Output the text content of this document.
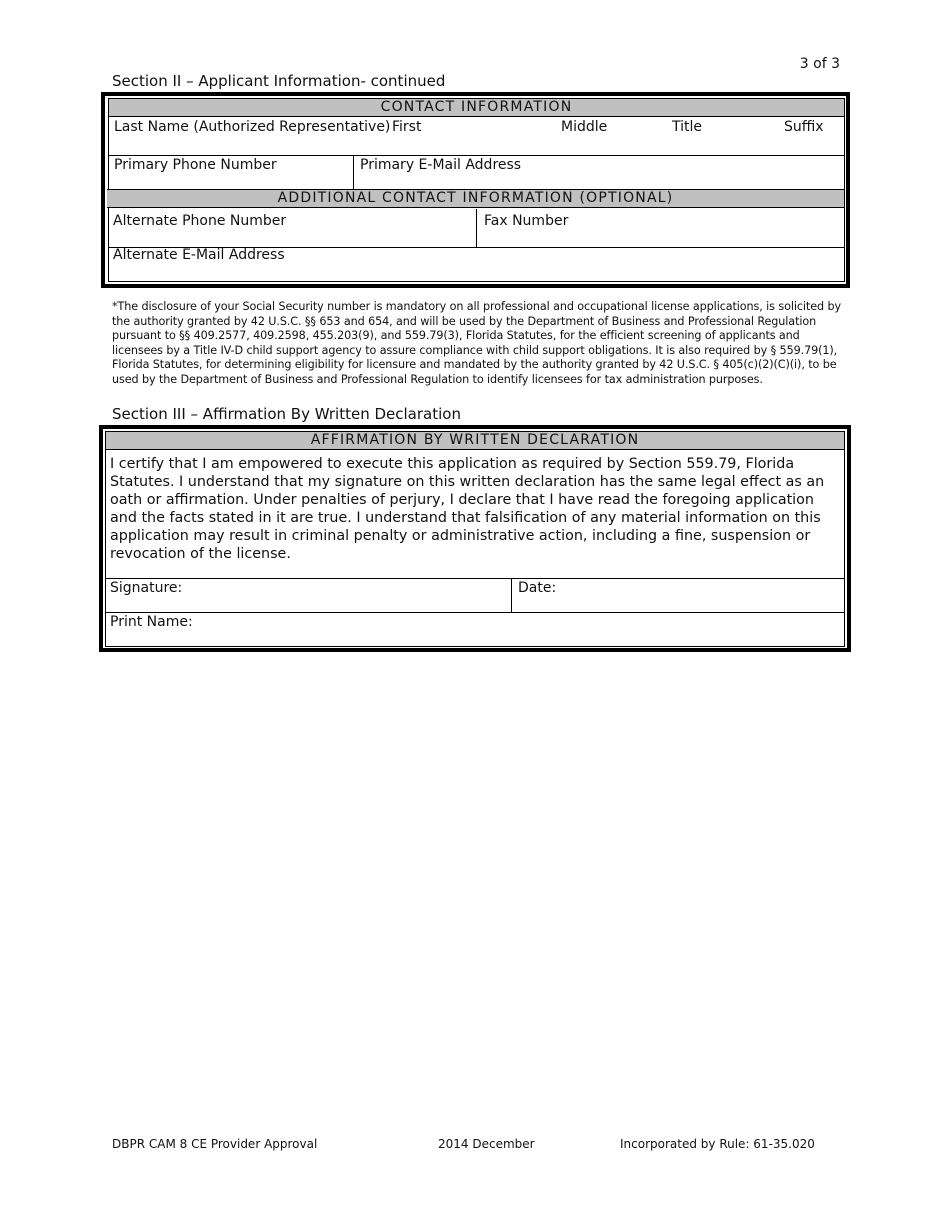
3 of 3
Section II – Applicant Information- continued
CONTACT INFORMATION
Last Name (Authorized Representative) First	Middle	Title	Suffix
Primary Phone Number	Primary E-Mail Address
ADDITIONAL CONTACT INFORMATION (OPTIONAL)
Alternate Phone Number	Fax Number
Alternate E-Mail Address
*The disclosure of your Social Security number is mandatory on all professional and occupational license applications, is solicited by the authority granted by 42 U.S.C. §§ 653 and 654, and will be used by the Department of Business and Professional Regulation pursuant to §§ 409.2577, 409.2598, 455.203(9), and 559.79(3), Florida Statutes, for the efficient screening of applicants and licensees by a Title IV-D child support agency to assure compliance with child support obligations. It is also required by § 559.79(1), Florida Statutes, for determining eligibility for licensure and mandated by the authority granted by 42 U.S.C. § 405(c)(2)(C)(i), to be used by the Department of Business and Professional Regulation to identify licensees for tax administration purposes.
Section III – Affirmation By Written Declaration
AFFIRMATION BY WRITTEN DECLARATION
I certify that I am empowered to execute this application as required by Section 559.79, Florida Statutes. I understand that my signature on this written declaration has the same legal effect as an oath or affirmation. Under penalties of perjury, I declare that I have read the foregoing application and the facts stated in it are true. I understand that falsification of any material information on this application may result in criminal penalty or administrative action, including a fine, suspension or revocation of the license.
Signature:	Date:
Print Name:
DBPR CAM 8 CE Provider Approval	2014 December	Incorporated by Rule: 61-35.020
